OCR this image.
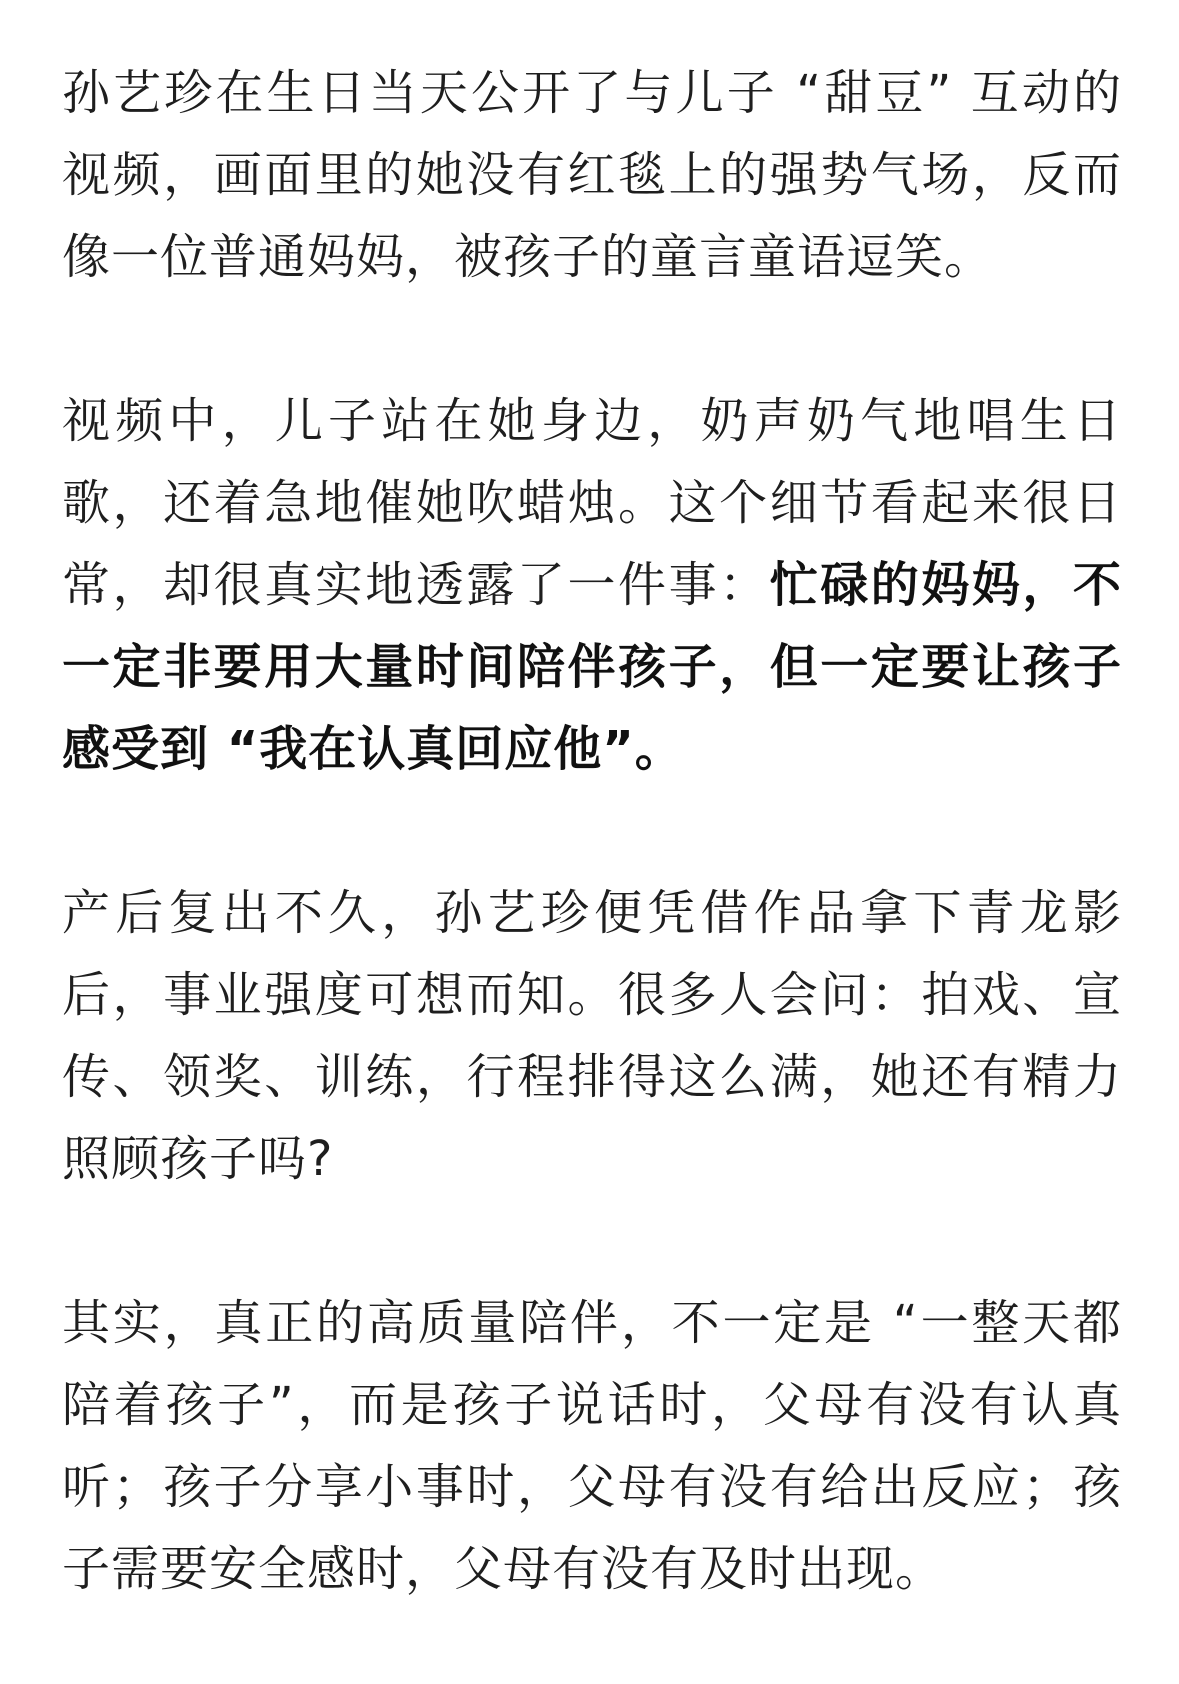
孙艺珍在生日当天公开了与儿子 “甜豆” 互动的视频，画面里的她没有红毯上的强势气场，反而像一位普通妈妈，被孩子的童言童语逗笑。

视频中，儿子站在她身边，奶声奶气地唱生日歌，还着急地催她吹蜡烛。这个细节看起来很日常，却很真实地透露了一件事：忙碌的妈妈，不一定非要用大量时间陪伴孩子，但一定要让孩子感受到 “我在认真回应他”。

产后复出不久，孙艺珍便凭借作品拿下青龙影后，事业强度可想而知。很多人会问：拍戏、宣传、领奖、训练，行程排得这么满，她还有精力照顾孩子吗?

其实，真正的高质量陪伴，不一定是 “一整天都陪着孩子”，而是孩子说话时，父母有没有认真听；孩子分享小事时，父母有没有给出反应；孩子需要安全感时，父母有没有及时出现。
